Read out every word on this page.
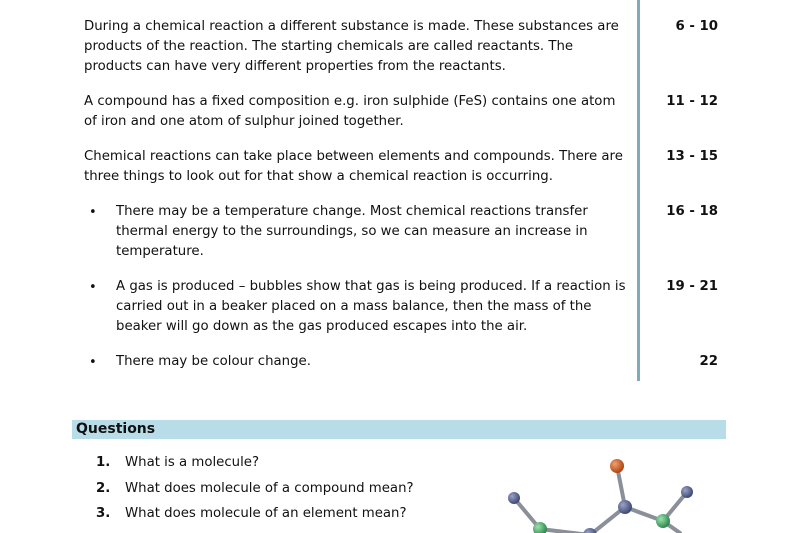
During a chemical reaction a different substance is made. These substances are products of the reaction. The starting chemicals are called reactants. The products can have very different properties from the reactants.
6 - 10
A compound has a fixed composition e.g. iron sulphide (FeS) contains one atom of iron and one atom of sulphur joined together.
11 - 12
Chemical reactions can take place between elements and compounds. There are three things to look out for that show a chemical reaction is occurring.
13 - 15
• There may be a temperature change. Most chemical reactions transfer thermal energy to the surroundings, so we can measure an increase in temperature.
16 - 18
• A gas is produced – bubbles show that gas is being produced. If a reaction is carried out in a beaker placed on a mass balance, then the mass of the beaker will go down as the gas produced escapes into the air.
19 - 21
• There may be colour change.	22
Questions
1. What is a molecule?
2. What does molecule of a compound mean?
3. What does molecule of an element mean?
